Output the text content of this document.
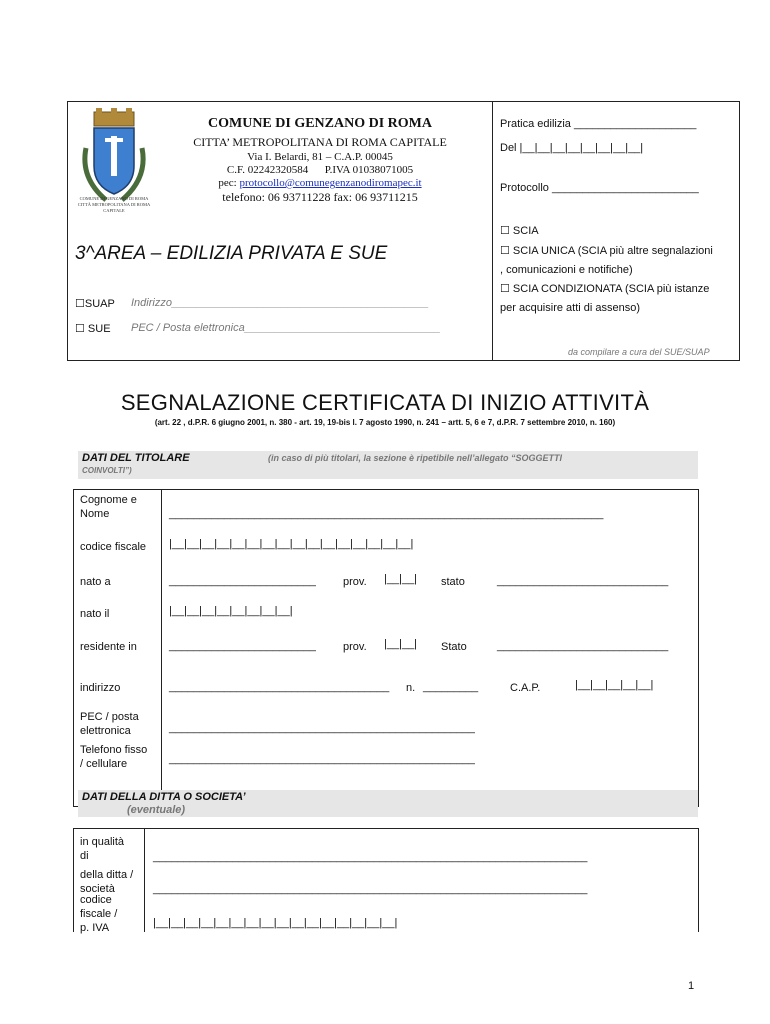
COMUNE DI GENZANO DI ROMA
CITTÀ METROPOLITANA DI ROMA CAPITALE
COMUNE DI GENZANO DI ROMA
CITTA’ METROPOLITANA DI ROMA CAPITALE
Via I. Belardi, 81 – C.A.P. 00045
C.F. 02242320584      P.IVA 01038071005
pec: protocollo@comunegenzanodiromapec.it
telefono: 06 93711228 fax: 06 93711215
3^AREA – EDILIZIA PRIVATA E SUE
☐SUAP Indirizzo__________________________________________
☐ SUE PEC / Posta elettronica________________________________
Pratica edilizia ____________________
Del |__|__|__|__|__|__|__|__|
Protocollo ________________________
☐ SCIA
☐ SCIA UNICA (SCIA più altre segnalazioni
, comunicazioni e notifiche)
☐ SCIA CONDIZIONATA (SCIA più istanze
per acquisire atti di assenso)
da compilare a cura del SUE/SUAP
SEGNALAZIONE CERTIFICATA DI INIZIO ATTIVITÀ
(art. 22 , d.P.R. 6 giugno 2001, n. 380 - art. 19, 19-bis l. 7 agosto 1990, n. 241 – artt. 5, 6 e 7, d.P.R. 7 settembre 2010, n. 160)
DATI DEL TITOLARE	(in caso di più titolari, la sezione è ripetibile nell’allegato “SOGGETTI
COINVOLTI”)
Cognome e
Nome	_______________________________________________________________________
codice fiscale |__|__|__|__|__|__|__|__|__|__|__|__|__|__|__|__|
nato a	________________________ prov. |__|__| stato	____________________________
nato il	|__|__|__|__|__|__|__|__|
residente in	________________________ prov. |__|__| Stato	____________________________
indirizzo	____________________________________ n. _________	C.A.P.	|__|__|__|__|__|
PEC / posta
elettronica	__________________________________________________
Telefono fisso
/ cellulare	__________________________________________________
DATI DELLA DITTA O SOCIETA’
(eventuale)
in qualità
di	_______________________________________________________________________
della ditta /
società	_______________________________________________________________________
codice
fiscale /
p. IVA	|__|__|__|__|__|__|__|__|__|__|__|__|__|__|__|__|
1
